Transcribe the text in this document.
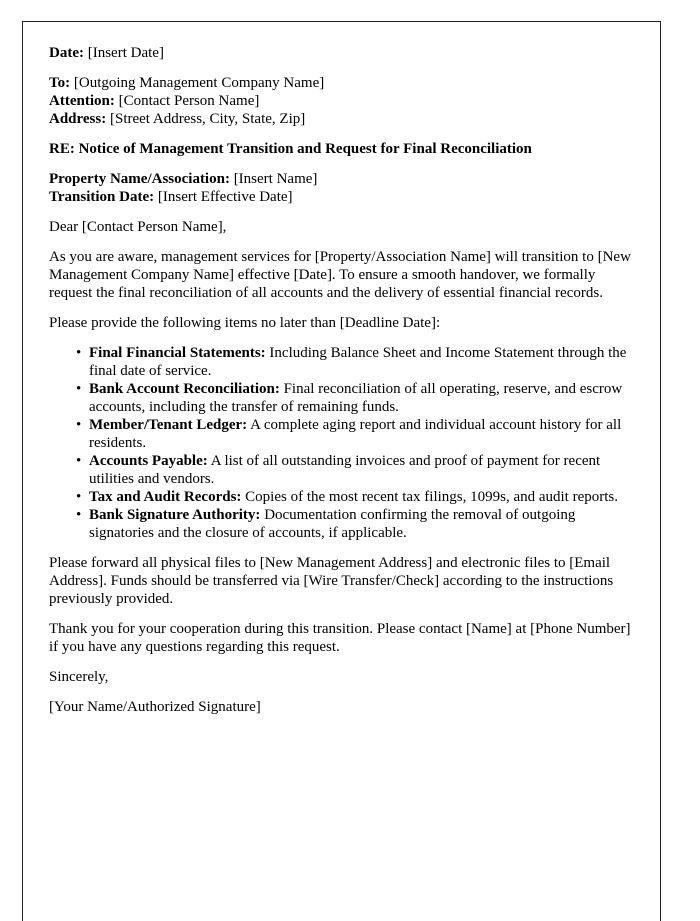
Date: [Insert Date]

To: [Outgoing Management Company Name]
Attention: [Contact Person Name]
Address: [Street Address, City, State, Zip]

RE: Notice of Management Transition and Request for Final Reconciliation

Property Name/Association: [Insert Name]
Transition Date: [Insert Effective Date]

Dear [Contact Person Name],

As you are aware, management services for [Property/Association Name] will transition to [New Management Company Name] effective [Date]. To ensure a smooth handover, we formally request the final reconciliation of all accounts and the delivery of essential financial records.

Please provide the following items no later than [Deadline Date]:

• Final Financial Statements: Including Balance Sheet and Income Statement through the final date of service.
• Bank Account Reconciliation: Final reconciliation of all operating, reserve, and escrow accounts, including the transfer of remaining funds.
• Member/Tenant Ledger: A complete aging report and individual account history for all residents.
• Accounts Payable: A list of all outstanding invoices and proof of payment for recent utilities and vendors.
• Tax and Audit Records: Copies of the most recent tax filings, 1099s, and audit reports.
• Bank Signature Authority: Documentation confirming the removal of outgoing signatories and the closure of accounts, if applicable.

Please forward all physical files to [New Management Address] and electronic files to [Email Address]. Funds should be transferred via [Wire Transfer/Check] according to the instructions previously provided.

Thank you for your cooperation during this transition. Please contact [Name] at [Phone Number] if you have any questions regarding this request.

Sincerely,

[Your Name/Authorized Signature]
